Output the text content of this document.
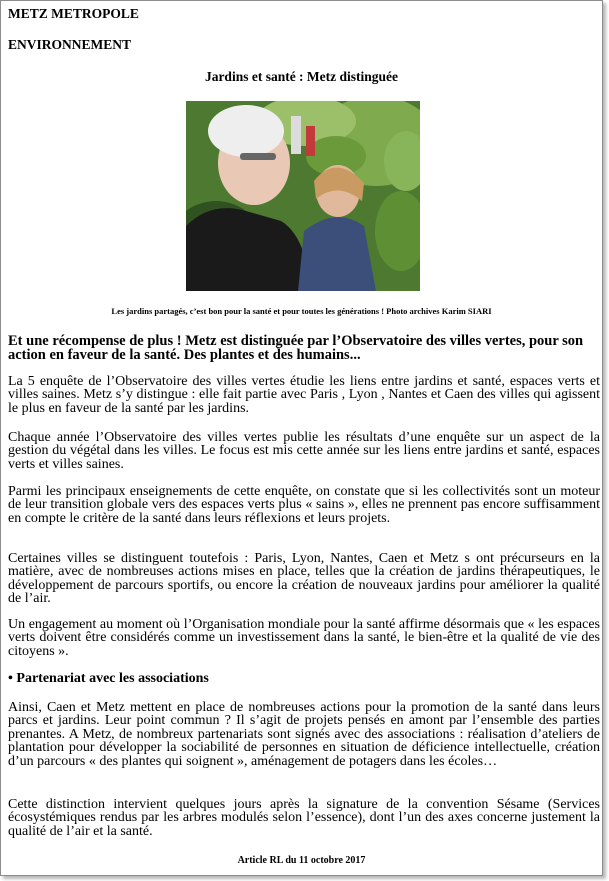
METZ METROPOLE
ENVIRONNEMENT
Jardins et santé : Metz distinguée
Les jardins partagés, c’est bon pour la santé et pour toutes les générations ! Photo archives Karim SIARI
Et une récompense de plus ! Metz est distinguée par l’Observatoire des villes vertes, pour son action en faveur de la santé. Des plantes et des humains...
La 5 enquête de l’Observatoire des villes vertes étudie les liens entre jardins et santé, espaces verts et villes saines. Metz s’y distingue : elle fait partie avec Paris , Lyon , Nantes et Caen des villes qui agissent le plus en faveur de la santé par les jardins.
Chaque année l’Observatoire des villes vertes publie les résultats d’une enquête sur un aspect de la gestion du végétal dans les villes. Le focus est mis cette année sur les liens entre jardins et santé, espaces verts et villes saines.
Parmi les principaux enseignements de cette enquête, on constate que si les collectivités sont un moteur de leur transition globale vers des espaces verts plus « sains », elles ne prennent pas encore suffisamment en compte le critère de la santé dans leurs réflexions et leurs projets.
Certaines villes se distinguent toutefois : Paris, Lyon, Nantes, Caen et Metz s ont précurseurs en la matière, avec de nombreuses actions mises en place, telles que la création de jardins thérapeutiques, le développement de parcours sportifs, ou encore la création de nouveaux jardins pour améliorer la qualité de l’air.
Un engagement au moment où l’Organisation mondiale pour la santé affirme désormais que « les espaces verts doivent être considérés comme un investissement dans la santé, le bien-être et la qualité de vie des citoyens ».
• Partenariat avec les associations
Ainsi, Caen et Metz mettent en place de nombreuses actions pour la promotion de la santé dans leurs parcs et jardins. Leur point commun ? Il s’agit de projets pensés en amont par l’ensemble des parties prenantes. A Metz, de nombreux partenariats sont signés avec des associations : réalisation d’ateliers de plantation pour développer la sociabilité de personnes en situation de déficience intellectuelle, création d’un parcours « des plantes qui soignent », aménagement de potagers dans les écoles…
Cette distinction intervient quelques jours après la signature de la convention Sésame (Services écosystémiques rendus par les arbres modulés selon l’essence), dont l’un des axes concerne justement la qualité de l’air et la santé.
Article RL du 11 octobre 2017
